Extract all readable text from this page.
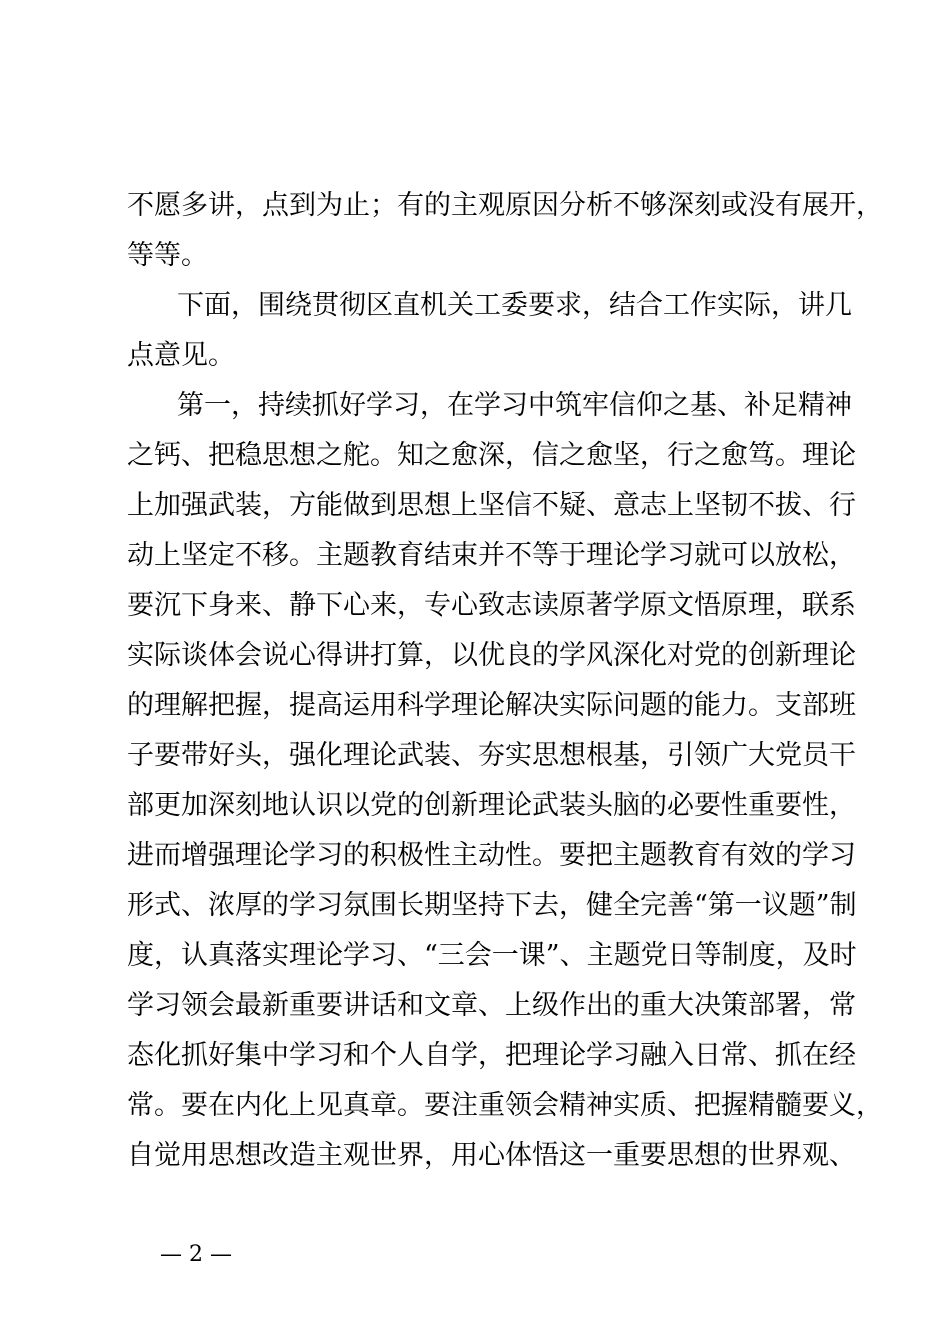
不愿多讲，点到为止；有的主观原因分析不够深刻或没有展开，
等等。
下面，围绕贯彻区直机关工委要求，结合工作实际，讲几
点意见。
第一，持续抓好学习，在学习中筑牢信仰之基、补足精神
之钙、把稳思想之舵。知之愈深，信之愈坚，行之愈笃。理论
上加强武装，方能做到思想上坚信不疑、意志上坚韧不拔、行
动上坚定不移。主题教育结束并不等于理论学习就可以放松，
要沉下身来、静下心来，专心致志读原著学原文悟原理，联系
实际谈体会说心得讲打算，以优良的学风深化对党的创新理论
的理解把握，提高运用科学理论解决实际问题的能力。支部班
子要带好头，强化理论武装、夯实思想根基，引领广大党员干
部更加深刻地认识以党的创新理论武装头脑的必要性重要性，
进而增强理论学习的积极性主动性。要把主题教育有效的学习
形式、浓厚的学习氛围长期坚持下去，健全完善“第一议题”制
度，认真落实理论学习、“三会一课”、主题党日等制度，及时
学习领会最新重要讲话和文章、上级作出的重大决策部署，常
态化抓好集中学习和个人自学，把理论学习融入日常、抓在经
常。要在内化上见真章。要注重领会精神实质、把握精髓要义，
自觉用思想改造主观世界，用心体悟这一重要思想的世界观、
— 2 —
